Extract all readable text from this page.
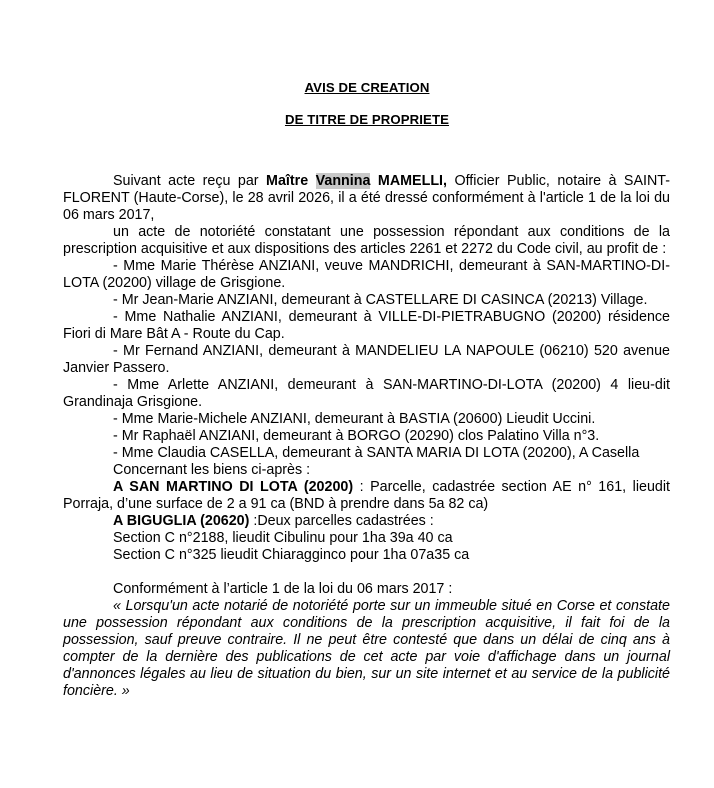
AVIS DE CREATION
DE TITRE DE PROPRIETE

Suivant acte reçu par Maître Vannina MAMELLI, Officier Public, notaire à SAINT-FLORENT (Haute-Corse), le 28 avril 2026, il a été dressé conformément à l'article 1 de la loi du 06 mars 2017,

un acte de notoriété constatant une possession répondant aux conditions de la prescription acquisitive et aux dispositions des articles 2261 et 2272 du Code civil, au profit de :

- Mme Marie Thérèse ANZIANI, veuve MANDRICHI, demeurant à SAN-MARTINO-DI-LOTA (20200) village de Grisgione.

- Mr Jean-Marie ANZIANI, demeurant à CASTELLARE DI CASINCA (20213) Village.

- Mme Nathalie ANZIANI, demeurant à VILLE-DI-PIETRABUGNO (20200) résidence Fiori di Mare Bât A - Route du Cap.

- Mr Fernand ANZIANI, demeurant à MANDELIEU LA NAPOULE (06210) 520 avenue Janvier Passero.

- Mme Arlette ANZIANI, demeurant à SAN-MARTINO-DI-LOTA (20200) 4 lieu-dit Grandinaja Grisgione.

- Mme Marie-Michele ANZIANI, demeurant à BASTIA (20600) Lieudit Uccini.

- Mr Raphaël ANZIANI, demeurant à BORGO (20290) clos Palatino Villa n°3.

- Mme Claudia CASELLA, demeurant à SANTA MARIA DI LOTA (20200), A Casella

Concernant les biens ci-après :

A SAN MARTINO DI LOTA (20200) : Parcelle, cadastrée section AE n° 161, lieudit Porraja, d’une surface de 2 a 91 ca (BND à prendre dans 5a 82 ca)

A BIGUGLIA (20620) :Deux parcelles cadastrées :

Section C n°2188, lieudit Cibulinu pour 1ha 39a 40 ca

Section C n°325 lieudit Chiaragginco pour 1ha 07a35 ca

Conformément à l’article 1 de la loi du 06 mars 2017 :

« Lorsqu'un acte notarié de notoriété porte sur un immeuble situé en Corse et constate une possession répondant aux conditions de la prescription acquisitive, il fait foi de la possession, sauf preuve contraire. Il ne peut être contesté que dans un délai de cinq ans à compter de la dernière des publications de cet acte par voie d'affichage dans un journal d'annonces légales au lieu de situation du bien, sur un site internet et au service de la publicité foncière. »
